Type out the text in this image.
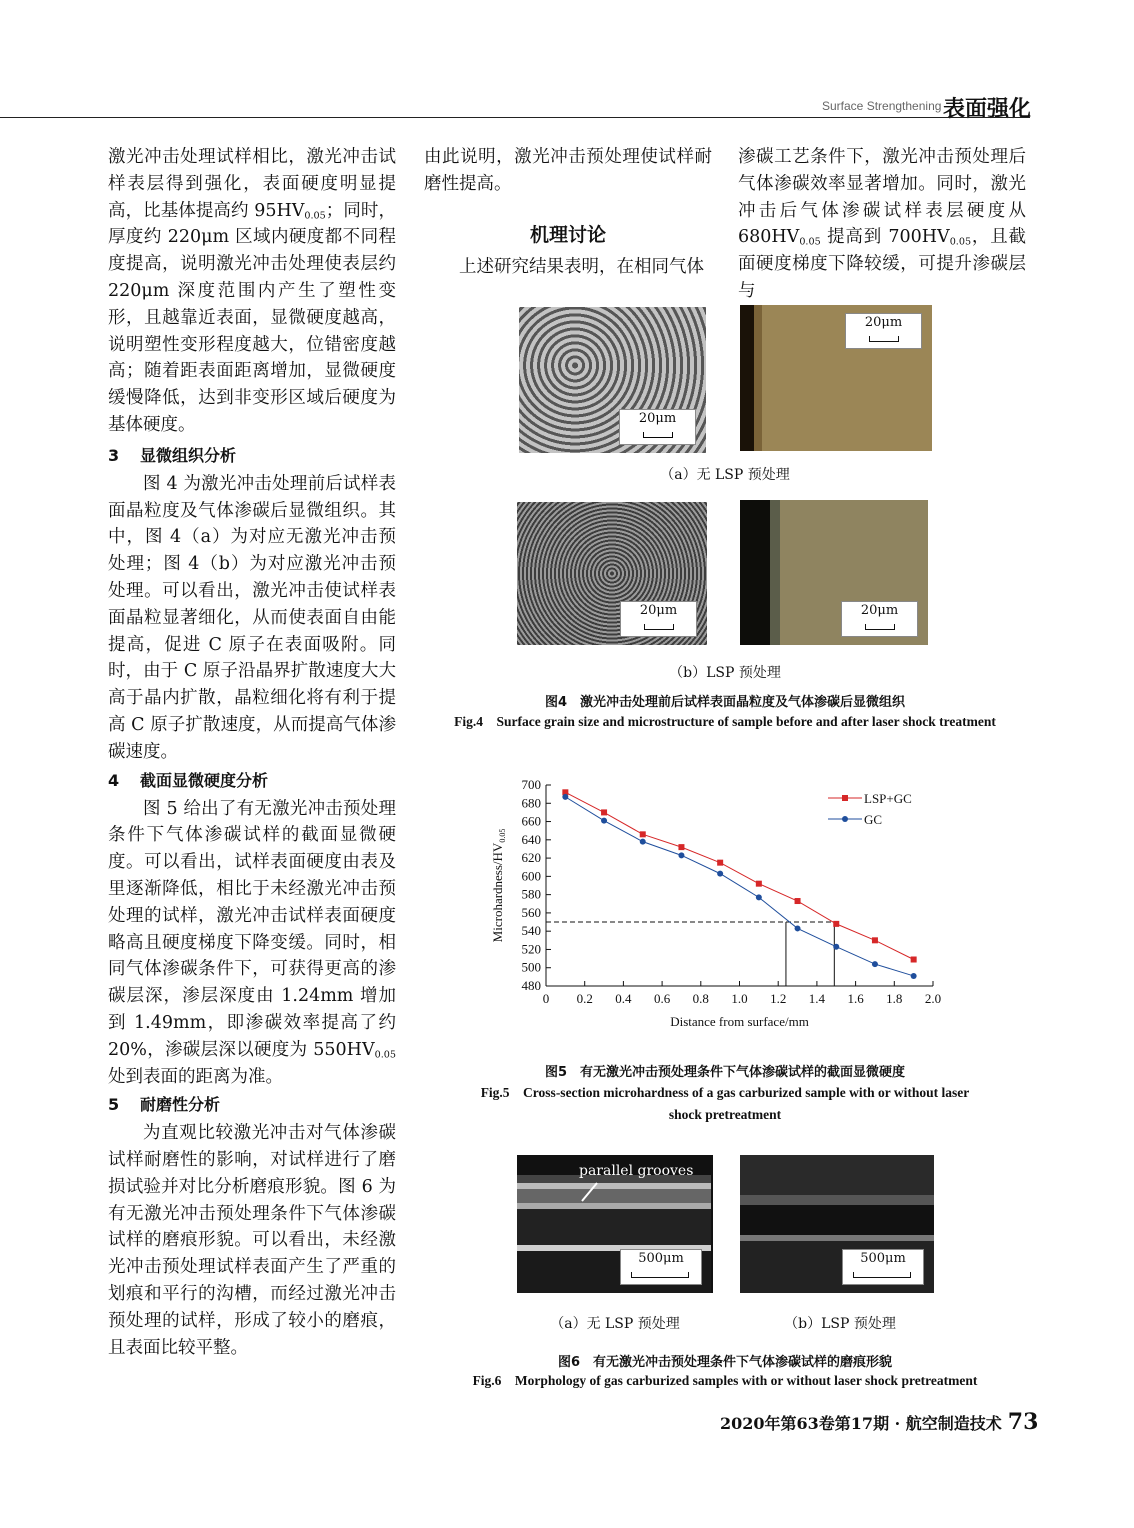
Surface Strengthening 表面强化

激光冲击处理试样相比，激光冲击试样表层得到强化，表面硬度明显提高，比基体提高约 $95HV_{0.05}$；同时，厚度约 220μm 区域内硬度都不同程度提高，说明激光冲击处理使表层约 220μm 深度范围内产生了塑性变形，且越靠近表面，显微硬度越高，说明塑性变形程度越大，位错密度越高；随着距表面距离增加，显微硬度缓慢降低，达到非变形区域后硬度为基体硬度。

3 显微组织分析

图 4 为激光冲击处理前后试样表面晶粒度及气体渗碳后显微组织。其中，图 4（a）为对应无激光冲击预处理；图 4（b）为对应激光冲击预处理。可以看出，激光冲击使试样表面晶粒显著细化，从而使表面自由能提高，促进 C 原子在表面吸附。同时，由于 C 原子沿晶界扩散速度大大高于晶内扩散，晶粒细化将有利于提高 C 原子扩散速度，从而提高气体渗碳速度。

4 截面显微硬度分析

图 5 给出了有无激光冲击预处理条件下气体渗碳试样的截面显微硬度。可以看出，试样表面硬度由表及里逐渐降低，相比于未经激光冲击预处理的试样，激光冲击试样表面硬度略高且硬度梯度下降变缓。同时，相同气体渗碳条件下，可获得更高的渗碳层深，渗层深度由 1.24mm 增加到 1.49mm，即渗碳效率提高了约 20%，渗碳层深以硬度为 $550HV_{0.05}$处到表面的距离为准。

5 耐磨性分析

为直观比较激光冲击对气体渗碳试样耐磨性的影响，对试样进行了磨损试验并对比分析磨痕形貌。图 6 为有无激光冲击预处理条件下气体渗碳试样的磨痕形貌。可以看出，未经激光冲击预处理试样表面产生了严重的划痕和平行的沟槽，而经过激光冲击预处理的试样，形成了较小的磨痕，且表面比较平整。

由此说明，激光冲击预处理使试样耐磨性提高。

机理讨论

上述研究结果表明，在相同气体

渗碳工艺条件下，激光冲击预处理后气体渗碳效率显著增加。同时，激光冲击后气体渗碳试样表层硬度从$680HV_{0.05}$ 提高到 $700HV_{0.05}$，且截面硬度梯度下降较缓，可提升渗碳层与

20μm
20μm
（a）无 LSP 预处理
20μm	20μm
（b）LSP 预处理
图4　激光冲击处理前后试样表面晶粒度及气体渗碳后显微组织
Fig.4　Surface grain size and microstructure of sample before and after laser shock treatment
480
500
520
540
560
580
600
620
640
660
680
700
0 0.2 0.4 0.6 0.8 1.0 1.2 1.4 1.6 1.8 2.0
Distance from surface/mm
Microhardness/$HV_{0.05}$
LSP+GC
GC
图5　有无激光冲击预处理条件下气体渗碳试样的截面显微硬度
Fig.5　Cross-section microhardness of a gas carburized sample with or without laser
shock pretreatment
parallel grooves
500μm	500μm
（a）无 LSP 预处理	（b）LSP 预处理
图6　有无激光冲击预处理条件下气体渗碳试样的磨痕形貌
Fig.6　Morphology of gas carburized samples with or without laser shock pretreatment
2020年第63卷第17期 · 航空制造技术 73
